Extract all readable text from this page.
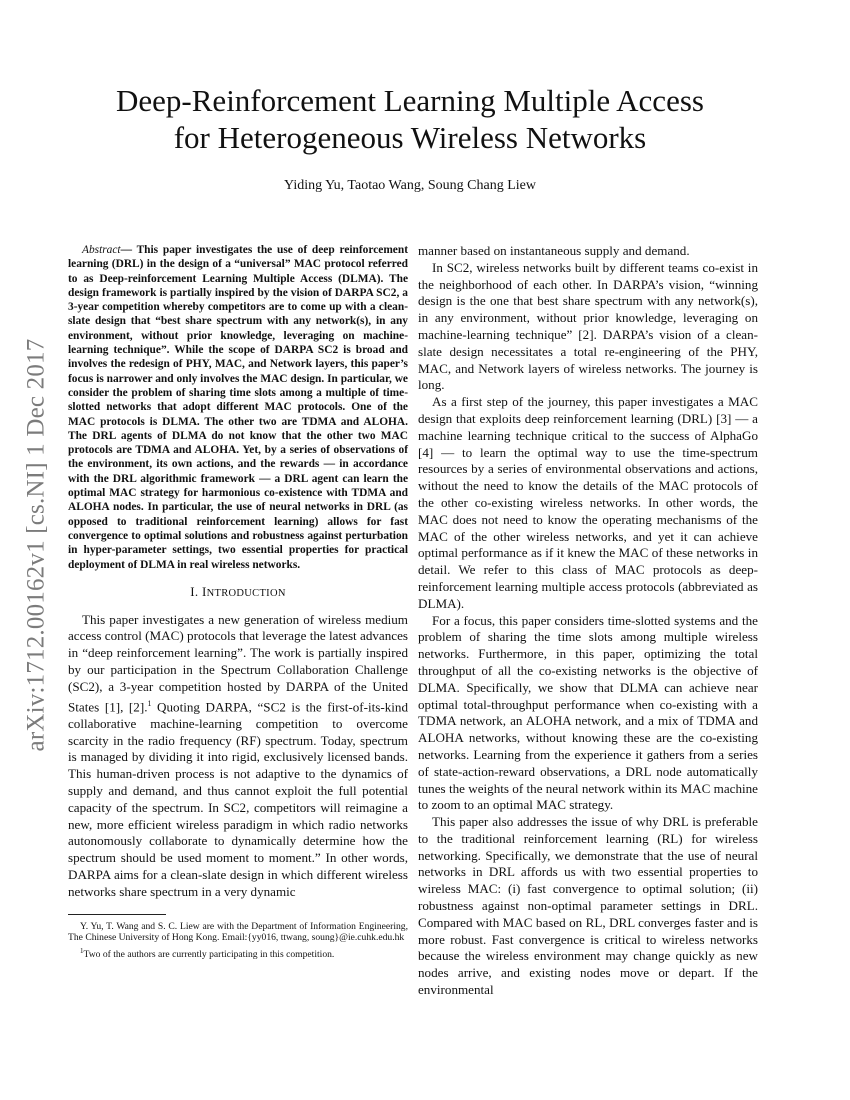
arXiv:1712.00162v1 [cs.NI] 1 Dec 2017
Deep-Reinforcement Learning Multiple Access
for Heterogeneous Wireless Networks
Yiding Yu, Taotao Wang, Soung Chang Liew

Abstract— This paper investigates the use of deep reinforcement learning (DRL) in the design of a “universal” MAC protocol referred to as Deep-reinforcement Learning Multiple Access (DLMA). The design framework is partially inspired by the vision of DARPA SC2, a 3-year competition whereby competitors are to come up with a clean-slate design that “best share spectrum with any network(s), in any environment, without prior knowledge, leveraging on machine-learning technique”. While the scope of DARPA SC2 is broad and involves the redesign of PHY, MAC, and Network layers, this paper’s focus is narrower and only involves the MAC design. In particular, we consider the problem of sharing time slots among a multiple of time-slotted networks that adopt different MAC protocols. One of the MAC protocols is DLMA. The other two are TDMA and ALOHA. The DRL agents of DLMA do not know that the other two MAC protocols are TDMA and ALOHA. Yet, by a series of observations of the environment, its own actions, and the rewards — in accordance with the DRL algorithmic framework — a DRL agent can learn the optimal MAC strategy for harmonious co-existence with TDMA and ALOHA nodes. In particular, the use of neural networks in DRL (as opposed to traditional reinforcement learning) allows for fast convergence to optimal solutions and robustness against perturbation in hyper-parameter settings, two essential properties for practical deployment of DLMA in real wireless networks.

I. INTRODUCTION

This paper investigates a new generation of wireless medium access control (MAC) protocols that leverage the latest advances in “deep reinforcement learning”. The work is partially inspired by our participation in the Spectrum Collaboration Challenge (SC2), a 3-year competition hosted by DARPA of the United States [1], [2].$^1$ Quoting DARPA, “SC2 is the first-of-its-kind collaborative machine-learning competition to overcome scarcity in the radio frequency (RF) spectrum. Today, spectrum is managed by dividing it into rigid, exclusively licensed bands. This human-driven process is not adaptive to the dynamics of supply and demand, and thus cannot exploit the full potential capacity of the spectrum. In SC2, competitors will reimagine a new, more efficient wireless paradigm in which radio networks autonomously collaborate to dynamically determine how the spectrum should be used moment to moment.” In other words, DARPA aims for a clean-slate design in which different wireless networks share spectrum in a very dynamic

Y. Yu, T. Wang and S. C. Liew are with the Department of Information Engineering, The Chinese University of Hong Kong. Email:{yy016, ttwang, soung}@ie.cuhk.edu.hk

$^1$Two of the authors are currently participating in this competition.

manner based on instantaneous supply and demand.

In SC2, wireless networks built by different teams co-exist in the neighborhood of each other. In DARPA’s vision, “winning design is the one that best share spectrum with any network(s), in any environment, without prior knowledge, leveraging on machine-learning technique” [2]. DARPA’s vision of a clean-slate design necessitates a total re-engineering of the PHY, MAC, and Network layers of wireless networks. The journey is long.

As a first step of the journey, this paper investigates a MAC design that exploits deep reinforcement learning (DRL) [3] — a machine learning technique critical to the success of AlphaGo [4] — to learn the optimal way to use the time-spectrum resources by a series of environmental observations and actions, without the need to know the details of the MAC protocols of the other co-existing wireless networks. In other words, the MAC does not need to know the operating mechanisms of the MAC of the other wireless networks, and yet it can achieve optimal performance as if it knew the MAC of these networks in detail. We refer to this class of MAC protocols as deep-reinforcement learning multiple access protocols (abbreviated as DLMA).

For a focus, this paper considers time-slotted systems and the problem of sharing the time slots among multiple wireless networks. Furthermore, in this paper, optimizing the total throughput of all the co-existing networks is the objective of DLMA. Specifically, we show that DLMA can achieve near optimal total-throughput performance when co-existing with a TDMA network, an ALOHA network, and a mix of TDMA and ALOHA networks, without knowing these are the co-existing networks. Learning from the experience it gathers from a series of state-action-reward observations, a DRL node automatically tunes the weights of the neural network within its MAC machine to zoom to an optimal MAC strategy.

This paper also addresses the issue of why DRL is preferable to the traditional reinforcement learning (RL) for wireless networking. Specifically, we demonstrate that the use of neural networks in DRL affords us with two essential properties to wireless MAC: (i) fast convergence to optimal solution; (ii) robustness against non-optimal parameter settings in DRL. Compared with MAC based on RL, DRL converges faster and is more robust. Fast convergence is critical to wireless networks because the wireless environment may change quickly as new nodes arrive, and existing nodes move or depart. If the environmental
